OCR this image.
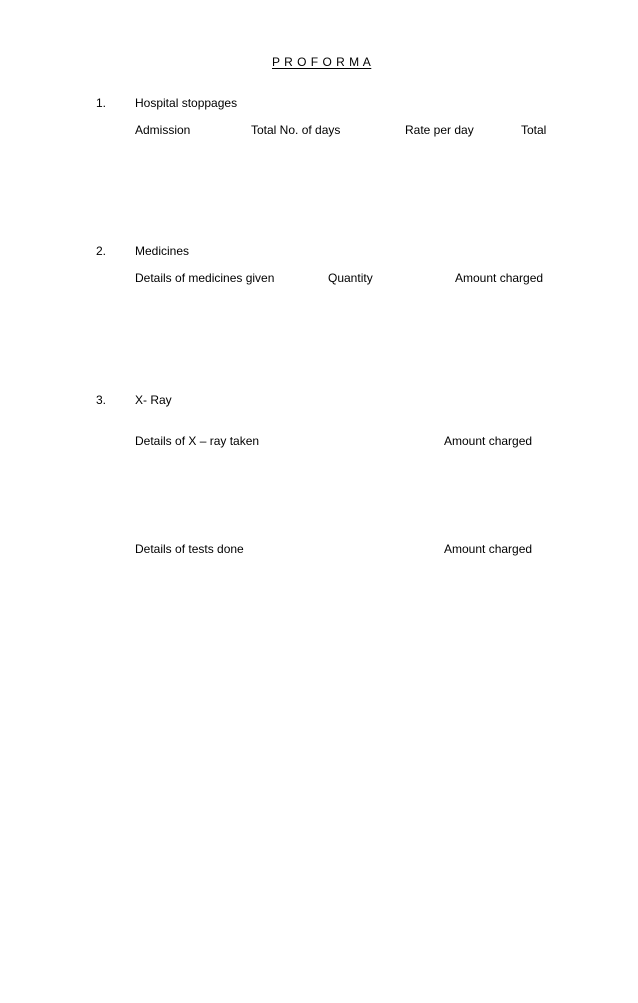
P R O F O R M A
1. Hospital stoppages
Admission	Total No. of days	Rate per day	Total
2. Medicines
Details of medicines given	Quantity	Amount charged
3. X- Ray
Details of X – ray taken	Amount charged
Details of tests done	Amount charged
